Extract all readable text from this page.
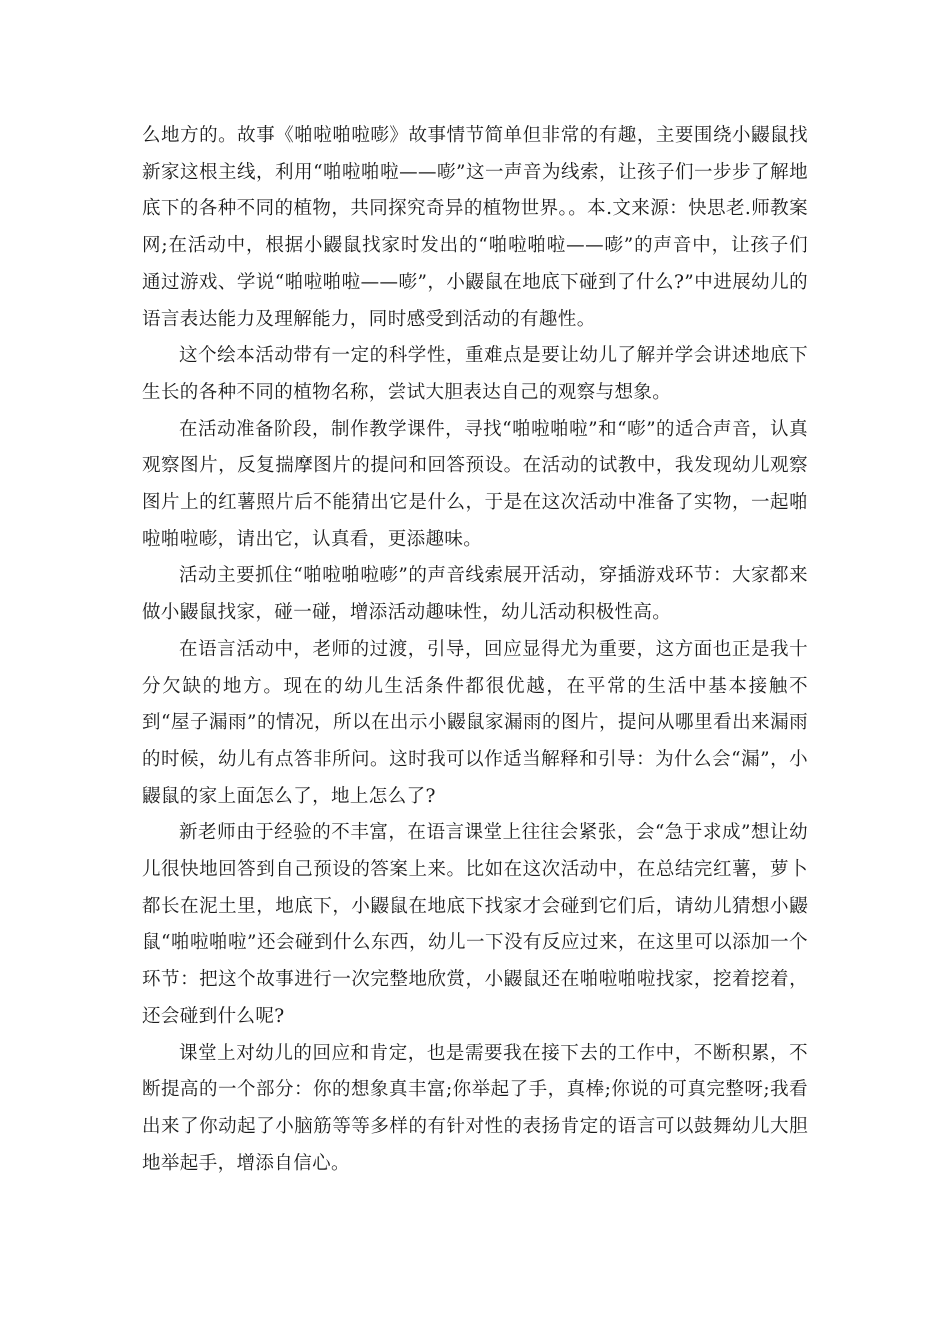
么地方的。故事《啪啦啪啦嘭》故事情节简单但非常的有趣，主要围绕小鼹鼠找新家这根主线，利用“啪啦啪啦——嘭”这一声音为线索，让孩子们一步步了解地底下的各种不同的植物，共同探究奇异的植物世界。。本.文来源：快思老.师教案网;在活动中，根据小鼹鼠找家时发出的“啪啦啪啦——嘭”的声音中，让孩子们通过游戏、学说“啪啦啪啦——嘭”，小鼹鼠在地底下碰到了什么?”中进展幼儿的语言表达能力及理解能力，同时感受到活动的有趣性。

这个绘本活动带有一定的科学性，重难点是要让幼儿了解并学会讲述地底下生长的各种不同的植物名称，尝试大胆表达自己的观察与想象。

在活动准备阶段，制作教学课件，寻找“啪啦啪啦”和“嘭”的适合声音，认真观察图片，反复揣摩图片的提问和回答预设。在活动的试教中，我发现幼儿观察图片上的红薯照片后不能猜出它是什么，于是在这次活动中准备了实物，一起啪啦啪啦嘭，请出它，认真看，更添趣味。

活动主要抓住“啪啦啪啦嘭”的声音线索展开活动，穿插游戏环节：大家都来做小鼹鼠找家，碰一碰，增添活动趣味性，幼儿活动积极性高。

在语言活动中，老师的过渡，引导，回应显得尤为重要，这方面也正是我十分欠缺的地方。现在的幼儿生活条件都很优越，在平常的生活中基本接触不到“屋子漏雨”的情况，所以在出示小鼹鼠家漏雨的图片，提问从哪里看出来漏雨的时候，幼儿有点答非所问。这时我可以作适当解释和引导：为什么会“漏”，小鼹鼠的家上面怎么了，地上怎么了?

新老师由于经验的不丰富，在语言课堂上往往会紧张，会“急于求成”想让幼儿很快地回答到自己预设的答案上来。比如在这次活动中，在总结完红薯，萝卜都长在泥土里，地底下，小鼹鼠在地底下找家才会碰到它们后，请幼儿猜想小鼹鼠“啪啦啪啦”还会碰到什么东西，幼儿一下没有反应过来，在这里可以添加一个环节：把这个故事进行一次完整地欣赏，小鼹鼠还在啪啦啪啦找家，挖着挖着，还会碰到什么呢?

课堂上对幼儿的回应和肯定，也是需要我在接下去的工作中，不断积累，不断提高的一个部分：你的想象真丰富;你举起了手，真棒;你说的可真完整呀;我看出来了你动起了小脑筋等等多样的有针对性的表扬肯定的语言可以鼓舞幼儿大胆地举起手，增添自信心。
